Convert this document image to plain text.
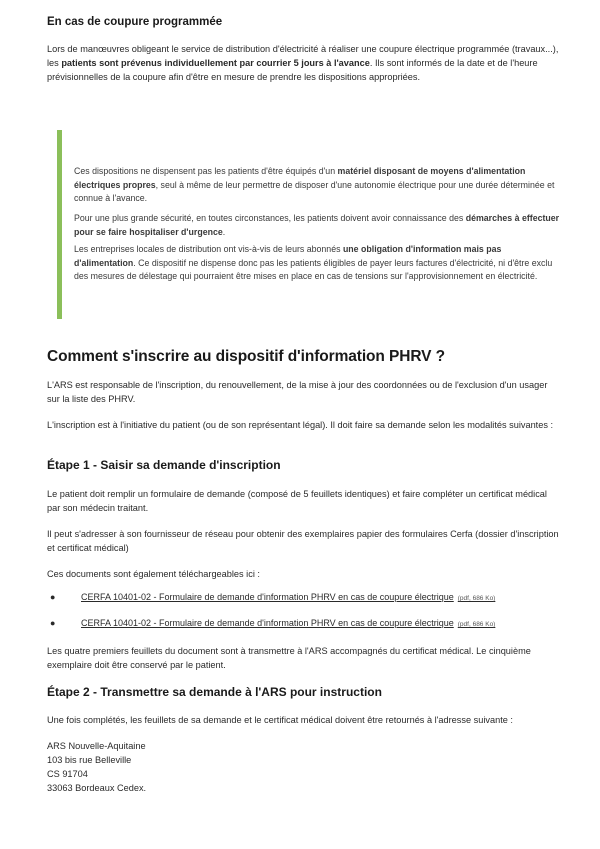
En cas de coupure programmée

Lors de manœuvres obligeant le service de distribution d'électricité à réaliser une coupure électrique programmée (travaux...), les patients sont prévenus individuellement par courrier 5 jours à l'avance. Ils sont informés de la date et de l'heure prévisionnelles de la coupure afin d'être en mesure de prendre les dispositions appropriées.

Ces dispositions ne dispensent pas les patients d'être équipés d'un matériel disposant de moyens d'alimentation électriques propres, seul à même de leur permettre de disposer d'une autonomie électrique pour une durée déterminée et connue à l'avance.

Pour une plus grande sécurité, en toutes circonstances, les patients doivent avoir connaissance des démarches à effectuer pour se faire hospitaliser d'urgence.

Les entreprises locales de distribution ont vis-à-vis de leurs abonnés une obligation d'information mais pas d'alimentation. Ce dispositif ne dispense donc pas les patients éligibles de payer leurs factures d'électricité, ni d'être exclu des mesures de délestage qui pourraient être mises en place en cas de tensions sur l'approvisionnement en électricité.

Comment s'inscrire au dispositif d'information PHRV ?

L'ARS est responsable de l'inscription, du renouvellement, de la mise à jour des coordonnées ou de l'exclusion d'un usager sur la liste des PHRV.

L'inscription est à l'initiative du patient (ou de son représentant légal). Il doit faire sa demande selon les modalités suivantes :

Étape 1 - Saisir sa demande d'inscription

Le patient doit remplir un formulaire de demande (composé de 5 feuillets identiques) et faire compléter un certificat médical par son médecin traitant.

Il peut s'adresser à son fournisseur de réseau pour obtenir des exemplaires papier des formulaires Cerfa (dossier d'inscription et certificat médical)

Ces documents sont également téléchargeables ici :

●	CERFA 10401-02 - Formulaire de demande d'information PHRV en cas de coupure électrique (pdf, 686 Ko)
●	CERFA 10401-02 - Formulaire de demande d'information PHRV en cas de coupure électrique (pdf, 686 Ko)

Les quatre premiers feuillets du document sont à transmettre à l'ARS accompagnés du certificat médical. Le cinquième exemplaire doit être conservé par le patient.

Étape 2 - Transmettre sa demande à l'ARS pour instruction

Une fois complétés, les feuillets de sa demande et le certificat médical doivent être retournés à l'adresse suivante :

ARS Nouvelle-Aquitaine
103 bis rue Belleville
CS 91704
33063 Bordeaux Cedex.
